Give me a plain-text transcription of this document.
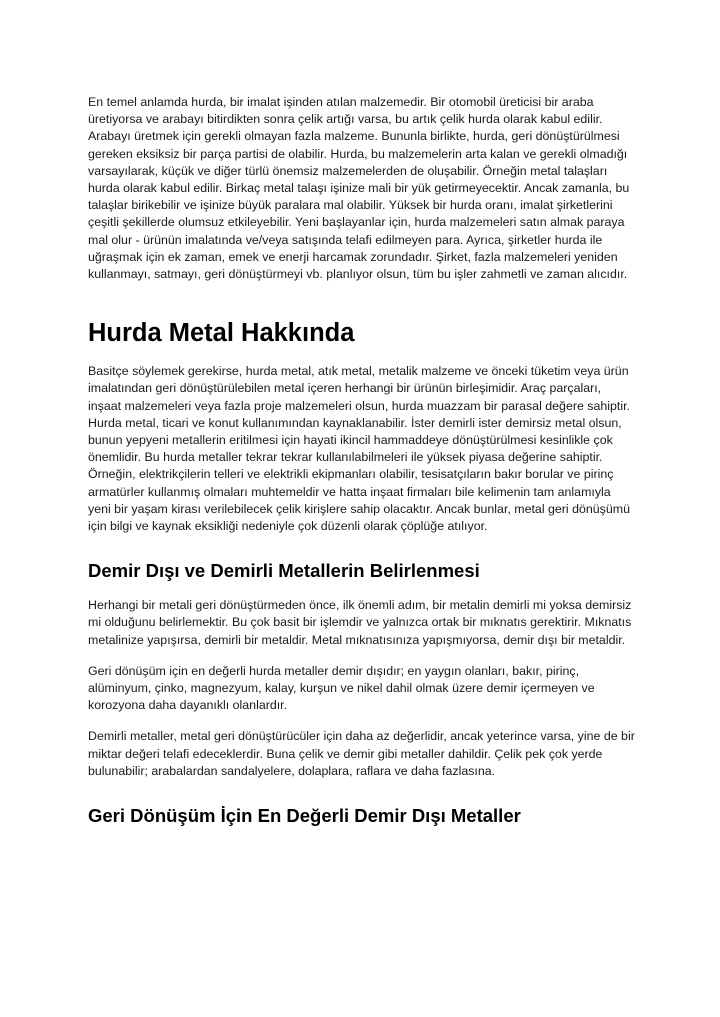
En temel anlamda hurda, bir imalat işinden atılan malzemedir. Bir otomobil üreticisi bir araba üretiyorsa ve arabayı bitirdikten sonra çelik artığı varsa, bu artık çelik hurda olarak kabul edilir. Arabayı üretmek için gerekli olmayan fazla malzeme. Bununla birlikte, hurda, geri dönüştürülmesi gereken eksiksiz bir parça partisi de olabilir. Hurda, bu malzemelerin arta kalan ve gerekli olmadığı varsayılarak, küçük ve diğer türlü önemsiz malzemelerden de oluşabilir. Örneğin metal talaşları hurda olarak kabul edilir. Birkaç metal talaşı işinize mali bir yük getirmeyecektir. Ancak zamanla, bu talaşlar birikebilir ve işinize büyük paralara mal olabilir. Yüksek bir hurda oranı, imalat şirketlerini çeşitli şekillerde olumsuz etkileyebilir. Yeni başlayanlar için, hurda malzemeleri satın almak paraya mal olur - ürünün imalatında ve/veya satışında telafi edilmeyen para. Ayrıca, şirketler hurda ile uğraşmak için ek zaman, emek ve enerji harcamak zorundadır. Şirket, fazla malzemeleri yeniden kullanmayı, satmayı, geri dönüştürmeyi vb. planlıyor olsun, tüm bu işler zahmetli ve zaman alıcıdır.

Hurda Metal Hakkında

Basitçe söylemek gerekirse, hurda metal, atık metal, metalik malzeme ve önceki tüketim veya ürün imalatından geri dönüştürülebilen metal içeren herhangi bir ürünün birleşimidir. Araç parçaları, inşaat malzemeleri veya fazla proje malzemeleri olsun, hurda muazzam bir parasal değere sahiptir. Hurda metal, ticari ve konut kullanımından kaynaklanabilir. İster demirli ister demirsiz metal olsun, bunun yepyeni metallerin eritilmesi için hayati ikincil hammaddeye dönüştürülmesi kesinlikle çok önemlidir. Bu hurda metaller tekrar tekrar kullanılabilmeleri ile yüksek piyasa değerine sahiptir. Örneğin, elektrikçilerin telleri ve elektrikli ekipmanları olabilir, tesisatçıların bakır borular ve pirinç armatürler kullanmış olmaları muhtemeldir ve hatta inşaat firmaları bile kelimenin tam anlamıyla yeni bir yaşam kirası verilebilecek çelik kirişlere sahip olacaktır. Ancak bunlar, metal geri dönüşümü için bilgi ve kaynak eksikliği nedeniyle çok düzenli olarak çöplüğe atılıyor.

Demir Dışı ve Demirli Metallerin Belirlenmesi

Herhangi bir metali geri dönüştürmeden önce, ilk önemli adım, bir metalin demirli mi yoksa demirsiz mi olduğunu belirlemektir. Bu çok basit bir işlemdir ve yalnızca ortak bir mıknatıs gerektirir. Mıknatıs metalinize yapışırsa, demirli bir metaldir. Metal mıknatısınıza yapışmıyorsa, demir dışı bir metaldir.

Geri dönüşüm için en değerli hurda metaller demir dışıdır; en yaygın olanları, bakır, pirinç, alüminyum, çinko, magnezyum, kalay, kurşun ve nikel dahil olmak üzere demir içermeyen ve korozyona daha dayanıklı olanlardır.

Demirli metaller, metal geri dönüştürücüler için daha az değerlidir, ancak yeterince varsa, yine de bir miktar değeri telafi edeceklerdir. Buna çelik ve demir gibi metaller dahildir. Çelik pek çok yerde bulunabilir; arabalardan sandalyelere, dolaplara, raflara ve daha fazlasına.

Geri Dönüşüm İçin En Değerli Demir Dışı Metaller
